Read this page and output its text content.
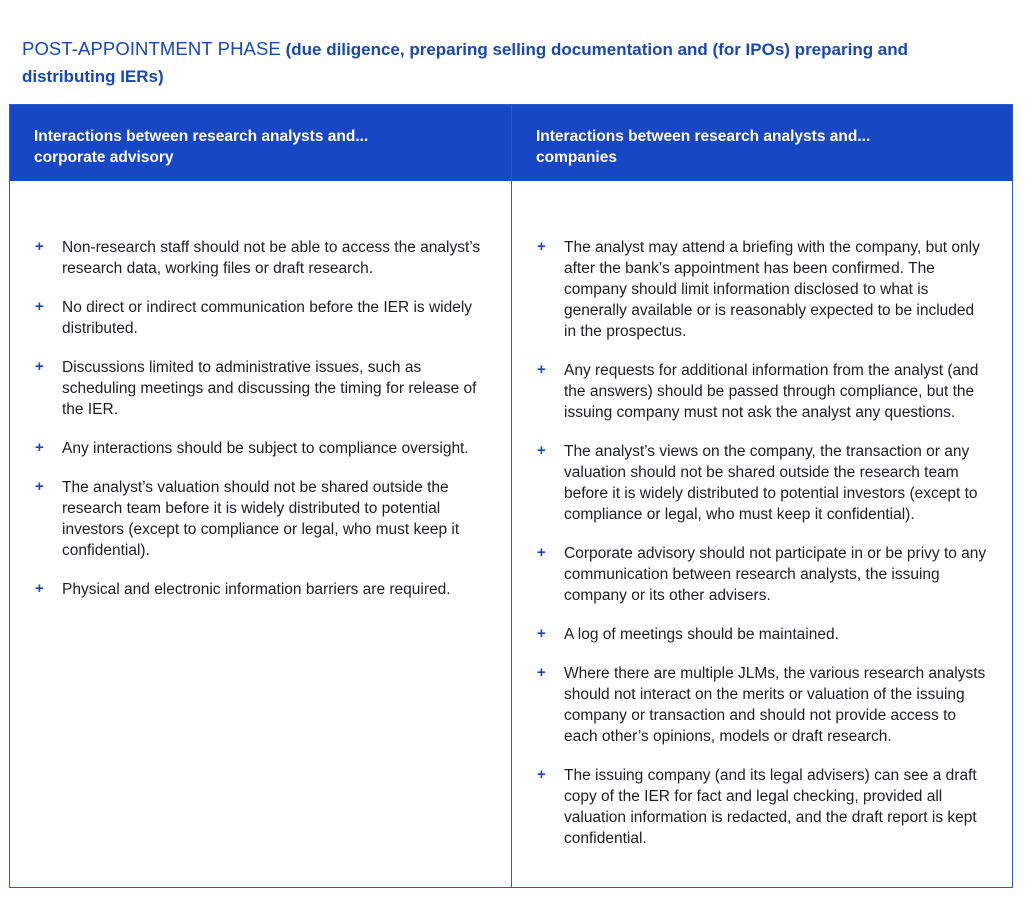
POST-APPOINTMENT PHASE (due diligence, preparing selling documentation and (for IPOs) preparing and distributing IERs)
Interactions between research analysts and...
corporate advisory
+ Non-research staff should not be able to access the analyst’s research data, working files or draft research.
+ No direct or indirect communication before the IER is widely distributed.
+ Discussions limited to administrative issues, such as scheduling meetings and discussing the timing for release of the IER.
+ Any interactions should be subject to compliance oversight.
+ The analyst’s valuation should not be shared outside the research team before it is widely distributed to potential investors (except to compliance or legal, who must keep it confidential).
+ Physical and electronic information barriers are required.
Interactions between research analysts and...
companies
+ The analyst may attend a briefing with the company, but only after the bank’s appointment has been confirmed. The company should limit information disclosed to what is generally available or is reasonably expected to be included in the prospectus.
+ Any requests for additional information from the analyst (and the answers) should be passed through compliance, but the issuing company must not ask the analyst any questions.
+ The analyst’s views on the company, the transaction or any valuation should not be shared outside the research team before it is widely distributed to potential investors (except to compliance or legal, who must keep it confidential).
+ Corporate advisory should not participate in or be privy to any communication between research analysts, the issuing company or its other advisers.
+ A log of meetings should be maintained.
+ Where there are multiple JLMs, the various research analysts should not interact on the merits or valuation of the issuing company or transaction and should not provide access to each other’s opinions, models or draft research.
+ The issuing company (and its legal advisers) can see a draft copy of the IER for fact and legal checking, provided all valuation information is redacted, and the draft report is kept confidential.
